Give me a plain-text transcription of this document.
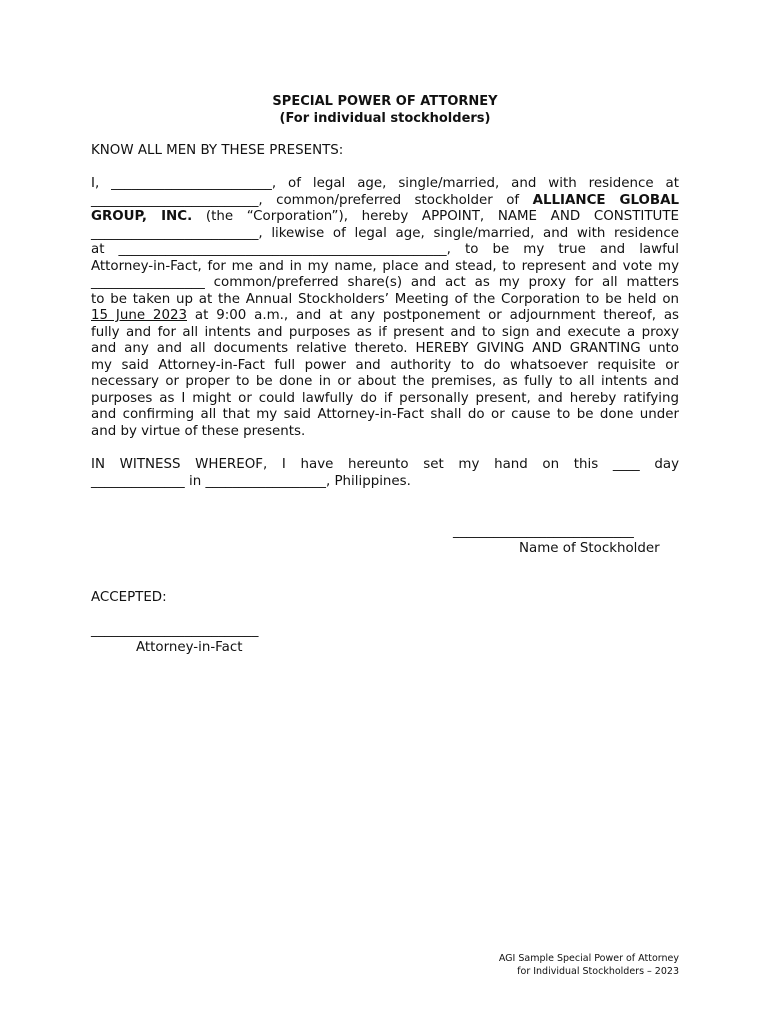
SPECIAL POWER OF ATTORNEY
(For individual stockholders)
KNOW ALL MEN BY THESE PRESENTS:
I, ________________________, of legal age, single/married, and with residence at
_________________________, common/preferred stockholder of ALLIANCE GLOBAL
GROUP, INC. (the “Corporation”), hereby APPOINT, NAME AND CONSTITUTE
_________________________, likewise of legal age, single/married, and with residence
at _________________________________________________, to be my true and lawful
Attorney-in-Fact, for me and in my name, place and stead, to represent and vote my
_________________ common/preferred share(s) and act as my proxy for all matters
to be taken up at the Annual Stockholders’ Meeting of the Corporation to be held on
15 June 2023 at 9:00 a.m., and at any postponement or adjournment thereof, as
fully and for all intents and purposes as if present and to sign and execute a proxy
and any and all documents relative thereto. HEREBY GIVING AND GRANTING unto
my said Attorney-in-Fact full power and authority to do whatsoever requisite or
necessary or proper to be done in or about the premises, as fully to all intents and
purposes as I might or could lawfully do if personally present, and hereby ratifying
and confirming all that my said Attorney-in-Fact shall do or cause to be done under
and by virtue of these presents.
IN WITNESS WHEREOF, I have hereunto set my hand on this ____ day
______________ in __________________, Philippines.
___________________________
Name of Stockholder
ACCEPTED:
_________________________
Attorney-in-Fact
AGI Sample Special Power of Attorney
for Individual Stockholders – 2023
